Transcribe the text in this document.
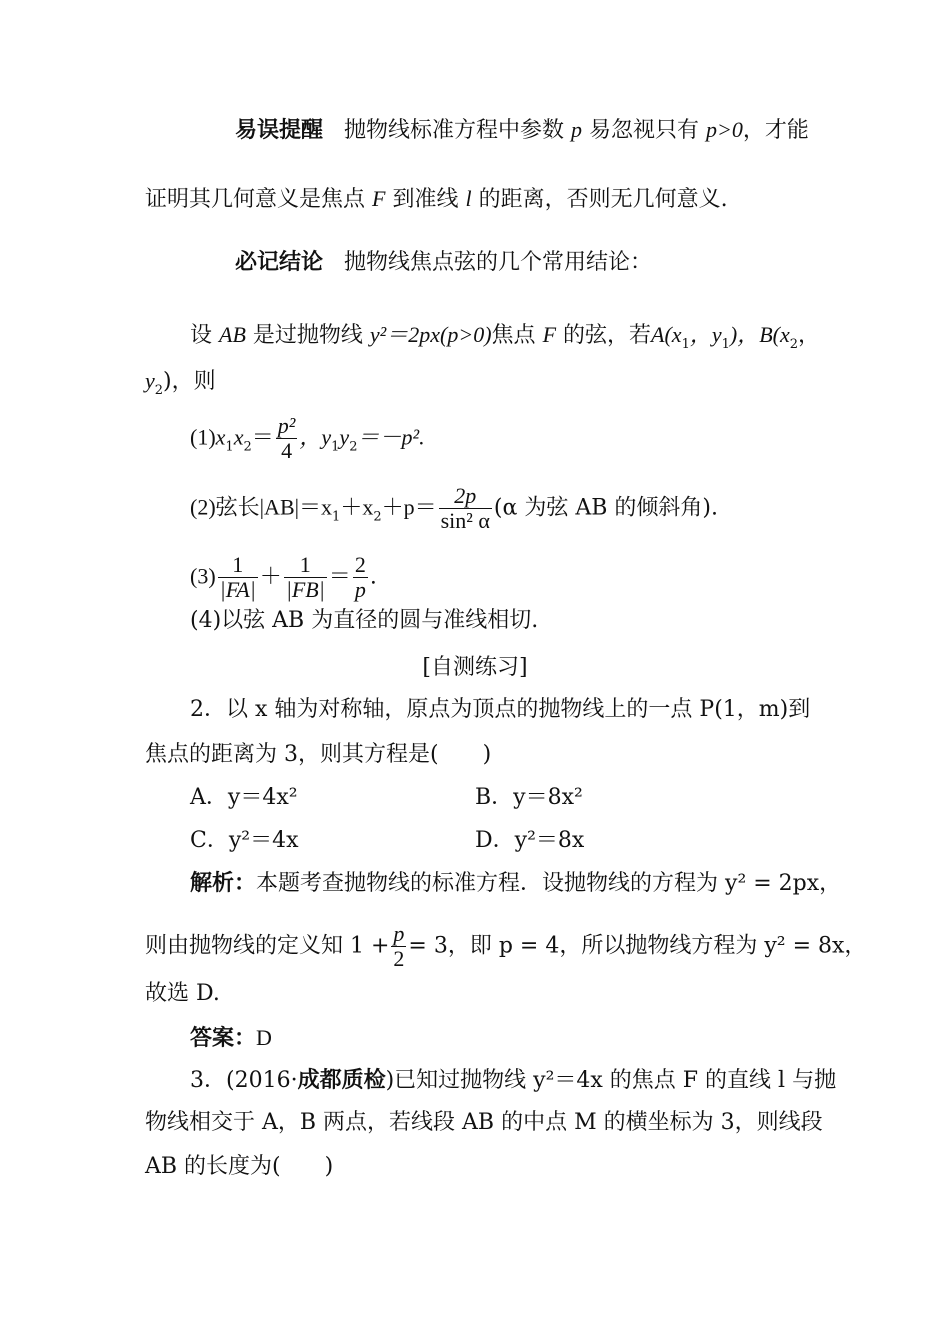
易误提醒 抛物线标准方程中参数 p 易忽视只有 p>0，才能
证明其几何意义是焦点 F 到准线 l 的距离，否则无几何意义.
必记结论 抛物线焦点弦的几个常用结论：
设 AB 是过抛物线 y²＝2px(p>0)焦点 F 的弦，若$A(x_1$，$y_1$)，$B(x_2$，
$y_2$)，则
$(1)x_1x_2= \frac{\text{p²}}{4}$ ，$y_1y_2=-p^2$.
(2)弦长$|AB|=x_1+x_2+p= \frac{2p}{\text{sin² α}} (\alpha$ 为弦 AB 的倾斜角).
$(3) \frac{1}{|FA|} + \frac{1}{|FB|} = \frac{2}{p}$ .
(4)以弦 AB 为直径的圆与准线相切.
[自测练习]
2．以 x 轴为对称轴，原点为顶点的抛物线上的一点 P(1，m)到
焦点的距离为 3，则其方程是(　　)
A．y＝4x²	B．y＝8x²
C．y²＝4x	D．y²＝8x
解析：本题考查抛物线的标准方程．设抛物线的方程为 y² = 2px，
则由抛物线的定义知 $1 + \frac{p}{2} = 3$，即 p = 4，所以抛物线方程为 y² = 8x，
故选 D.
答案：D
3．(2016·成都质检)已知过抛物线 y²＝4x 的焦点 F 的直线 l 与抛
物线相交于 A，B 两点，若线段 AB 的中点 M 的横坐标为 3，则线段
AB 的长度为(　　)
